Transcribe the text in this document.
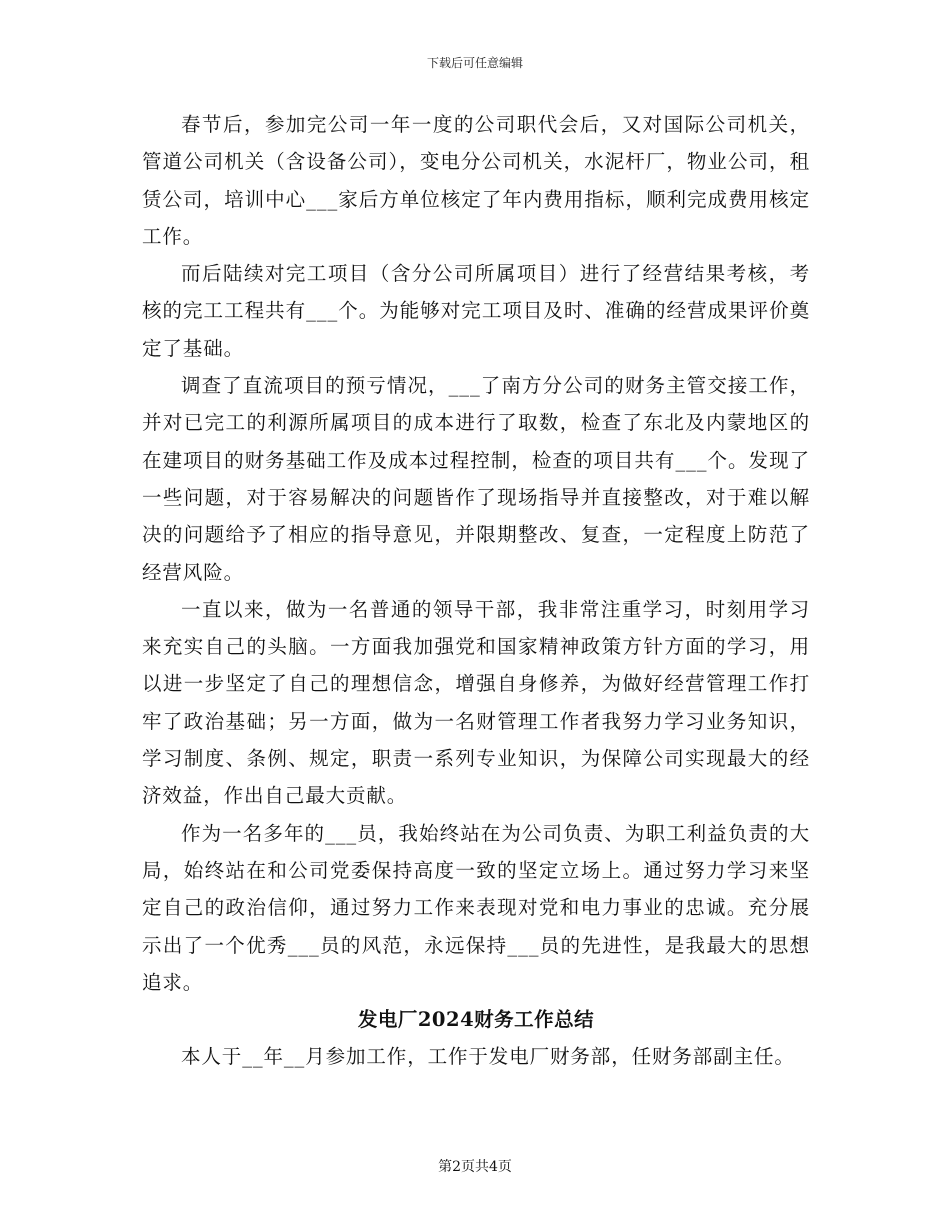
下载后可任意编辑

春节后，参加完公司一年一度的公司职代会后，又对国际公司机关，管道公司机关（含设备公司），变电分公司机关，水泥杆厂，物业公司，租赁公司，培训中心___家后方单位核定了年内费用指标，顺利完成费用核定工作。

而后陆续对完工项目（含分公司所属项目）进行了经营结果考核，考核的完工工程共有___个。为能够对完工项目及时、准确的经营成果评价奠定了基础。

调查了直流项目的预亏情况，___了南方分公司的财务主管交接工作，并对已完工的利源所属项目的成本进行了取数，检查了东北及内蒙地区的在建项目的财务基础工作及成本过程控制，检查的项目共有___个。发现了一些问题，对于容易解决的问题皆作了现场指导并直接整改，对于难以解决的问题给予了相应的指导意见，并限期整改、复查，一定程度上防范了经营风险。

一直以来，做为一名普通的领导干部，我非常注重学习，时刻用学习来充实自己的头脑。一方面我加强党和国家精神政策方针方面的学习，用以进一步坚定了自己的理想信念，增强自身修养，为做好经营管理工作打牢了政治基础；另一方面，做为一名财管理工作者我努力学习业务知识，学习制度、条例、规定，职责一系列专业知识，为保障公司实现最大的经济效益，作出自己最大贡献。

作为一名多年的___员，我始终站在为公司负责、为职工利益负责的大局，始终站在和公司党委保持高度一致的坚定立场上。通过努力学习来坚定自己的政治信仰，通过努力工作来表现对党和电力事业的忠诚。充分展示出了一个优秀___员的风范，永远保持___员的先进性，是我最大的思想追求。

发电厂2024财务工作总结

本人于__年__月参加工作，工作于发电厂财务部，任财务部副主任。

第2页共4页
